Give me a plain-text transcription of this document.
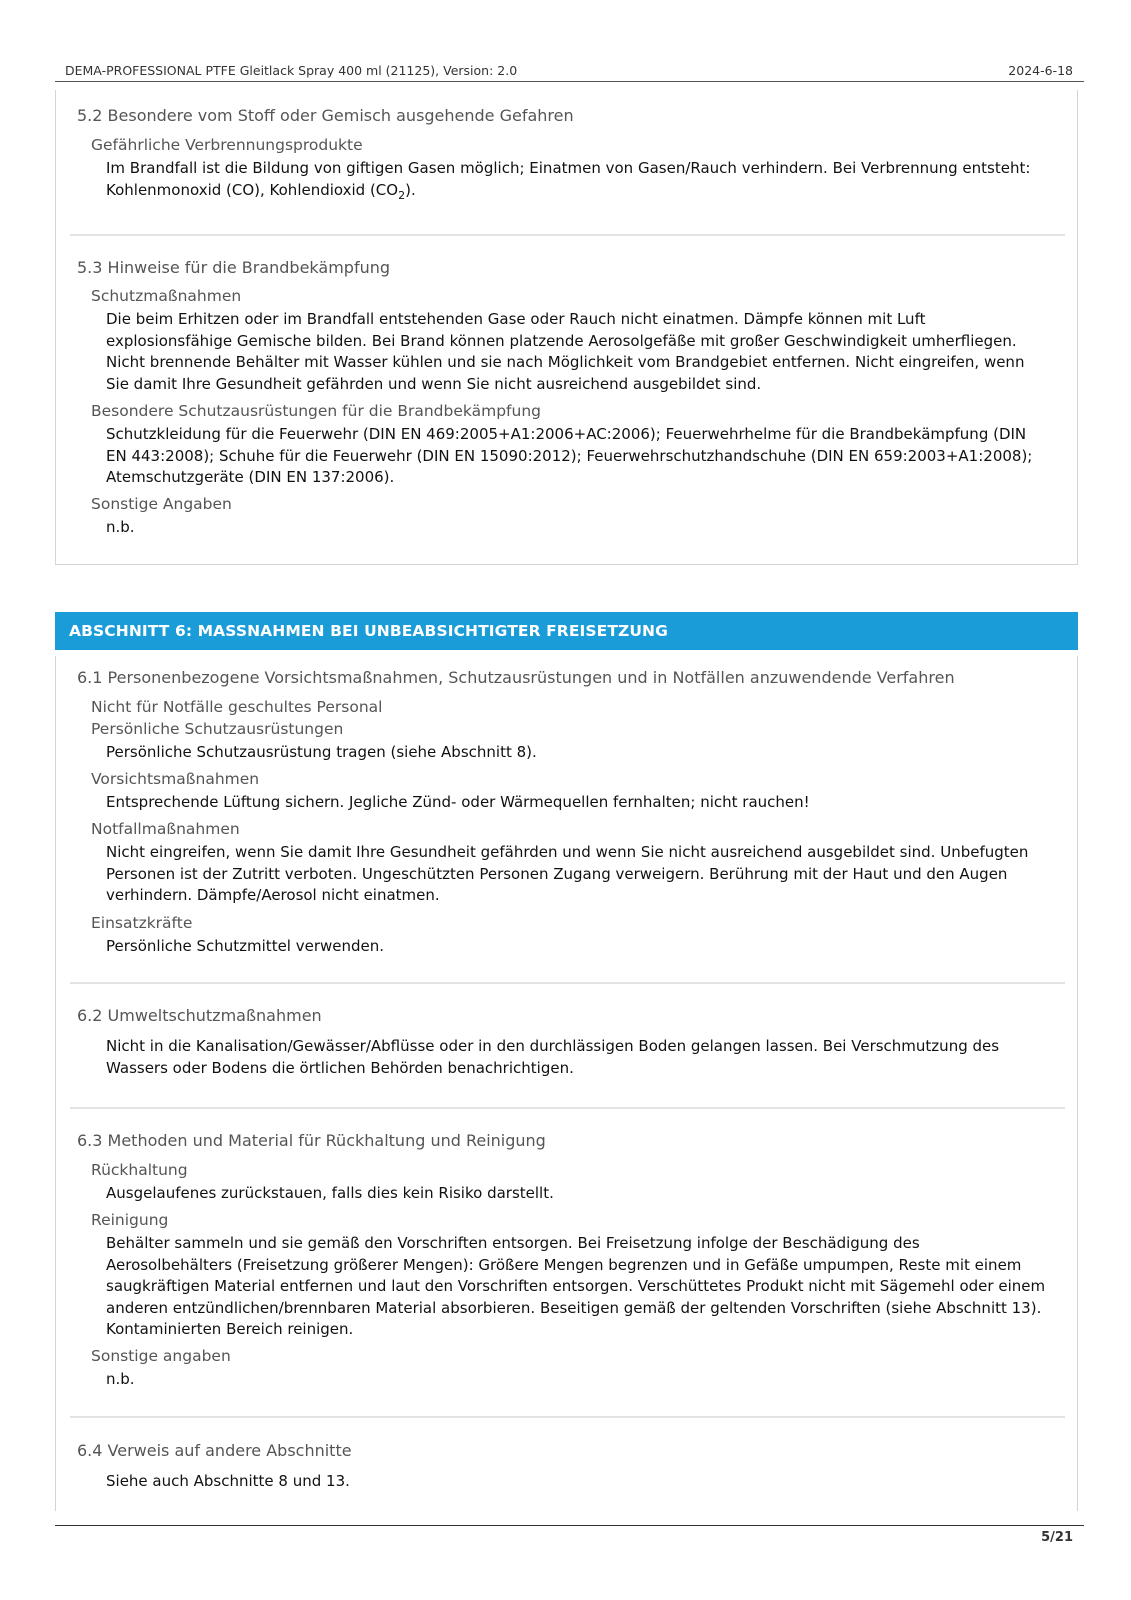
DEMA-PROFESSIONAL PTFE Gleitlack Spray 400 ml (21125), Version: 2.0	2024-6-18
5.2 Besondere vom Stoff oder Gemisch ausgehende Gefahren
Gefährliche Verbrennungsprodukte
Im Brandfall ist die Bildung von giftigen Gasen möglich; Einatmen von Gasen/Rauch verhindern. Bei Verbrennung entsteht: Kohlenmonoxid (CO), Kohlendioxid $(CO_2)$.
5.3 Hinweise für die Brandbekämpfung
Schutzmaßnahmen
Die beim Erhitzen oder im Brandfall entstehenden Gase oder Rauch nicht einatmen. Dämpfe können mit Luft explosionsfähige Gemische bilden. Bei Brand können platzende Aerosolgefäße mit großer Geschwindigkeit umherfliegen. Nicht brennende Behälter mit Wasser kühlen und sie nach Möglichkeit vom Brandgebiet entfernen. Nicht eingreifen, wenn Sie damit Ihre Gesundheit gefährden und wenn Sie nicht ausreichend ausgebildet sind.
Besondere Schutzausrüstungen für die Brandbekämpfung
Schutzkleidung für die Feuerwehr (DIN EN 469:2005+A1:2006+AC:2006); Feuerwehrhelme für die Brandbekämpfung (DIN EN 443:2008); Schuhe für die Feuerwehr (DIN EN 15090:2012); Feuerwehrschutzhandschuhe (DIN EN 659:2003+A1:2008); Atemschutzgeräte (DIN EN 137:2006).
Sonstige Angaben
n.b.
ABSCHNITT 6: MASSNAHMEN BEI UNBEABSICHTIGTER FREISETZUNG
6.1 Personenbezogene Vorsichtsmaßnahmen, Schutzausrüstungen und in Notfällen anzuwendende Verfahren
Nicht für Notfälle geschultes Personal
Persönliche Schutzausrüstungen
Persönliche Schutzausrüstung tragen (siehe Abschnitt 8).
Vorsichtsmaßnahmen
Entsprechende Lüftung sichern. Jegliche Zünd- oder Wärmequellen fernhalten; nicht rauchen!
Notfallmaßnahmen
Nicht eingreifen, wenn Sie damit Ihre Gesundheit gefährden und wenn Sie nicht ausreichend ausgebildet sind. Unbefugten Personen ist der Zutritt verboten. Ungeschützten Personen Zugang verweigern. Berührung mit der Haut und den Augen verhindern. Dämpfe/Aerosol nicht einatmen.
Einsatzkräfte
Persönliche Schutzmittel verwenden.
6.2 Umweltschutzmaßnahmen
Nicht in die Kanalisation/Gewässer/Abflüsse oder in den durchlässigen Boden gelangen lassen. Bei Verschmutzung des Wassers oder Bodens die örtlichen Behörden benachrichtigen.
6.3 Methoden und Material für Rückhaltung und Reinigung
Rückhaltung
Ausgelaufenes zurückstauen, falls dies kein Risiko darstellt.
Reinigung
Behälter sammeln und sie gemäß den Vorschriften entsorgen. Bei Freisetzung infolge der Beschädigung des Aerosolbehälters (Freisetzung größerer Mengen): Größere Mengen begrenzen und in Gefäße umpumpen, Reste mit einem saugkräftigen Material entfernen und laut den Vorschriften entsorgen. Verschüttetes Produkt nicht mit Sägemehl oder einem anderen entzündlichen/brennbaren Material absorbieren. Beseitigen gemäß der geltenden Vorschriften (siehe Abschnitt 13). Kontaminierten Bereich reinigen.
Sonstige angaben
n.b.
6.4 Verweis auf andere Abschnitte
Siehe auch Abschnitte 8 und 13.
5/21
